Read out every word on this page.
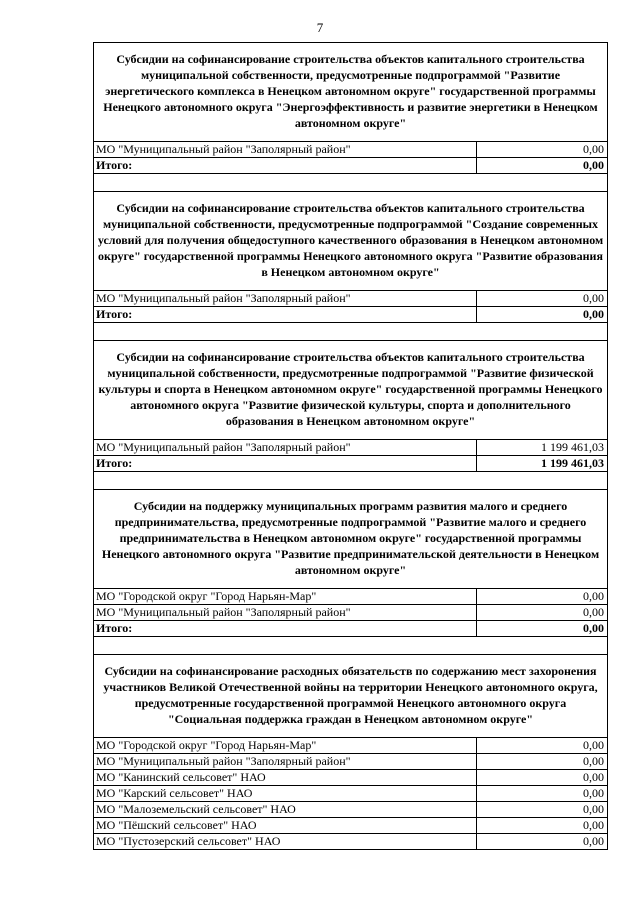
7
Субсидии на софинансирование строительства объектов капитального строительства муниципальной собственности, предусмотренные подпрограммой "Развитие энергетического комплекса в Ненецком автономном округе" государственной программы Ненецкого автономного округа "Энергоэффективность и развитие энергетики в Ненецком автономном округе"
МО "Муниципальный район "Заполярный район"	0,00
Итого:	0,00
Субсидии на софинансирование строительства объектов капитального строительства муниципальной собственности, предусмотренные подпрограммой "Создание современных условий для получения общедоступного качественного образования в Ненецком автономном округе" государственной программы Ненецкого автономного округа "Развитие образования в Ненецком автономном округе"
МО "Муниципальный район "Заполярный район"	0,00
Итого:	0,00
Субсидии на софинансирование строительства объектов капитального строительства муниципальной собственности, предусмотренные подпрограммой "Развитие физической культуры и спорта в Ненецком автономном округе" государственной программы Ненецкого автономного округа "Развитие физической культуры, спорта и дополнительного образования в Ненецком автономном округе"
МО "Муниципальный район "Заполярный район"	1 199 461,03
Итого:	1 199 461,03
Субсидии на поддержку муниципальных программ развития малого и среднего предпринимательства, предусмотренные подпрограммой "Развитие малого и среднего предпринимательства в Ненецком автономном округе" государственной программы Ненецкого автономного округа "Развитие предпринимательской деятельности в Ненецком автономном округе"
МО "Городской округ "Город Нарьян-Мар"	0,00
МО "Муниципальный район "Заполярный район"	0,00
Итого:	0,00
Субсидии на софинансирование расходных обязательств по содержанию мест захоронения участников Великой Отечественной войны на территории Ненецкого автономного округа, предусмотренные государственной программой Ненецкого автономного округа "Социальная поддержка граждан в Ненецком автономном округе"
МО "Городской округ "Город Нарьян-Мар"	0,00
МО "Муниципальный район "Заполярный район"	0,00
МО "Канинский сельсовет" НАО	0,00
МО "Карский сельсовет" НАО	0,00
МО "Малоземельский сельсовет" НАО	0,00
МО "Пёшский сельсовет" НАО	0,00
МО "Пустозерский сельсовет" НАО	0,00
